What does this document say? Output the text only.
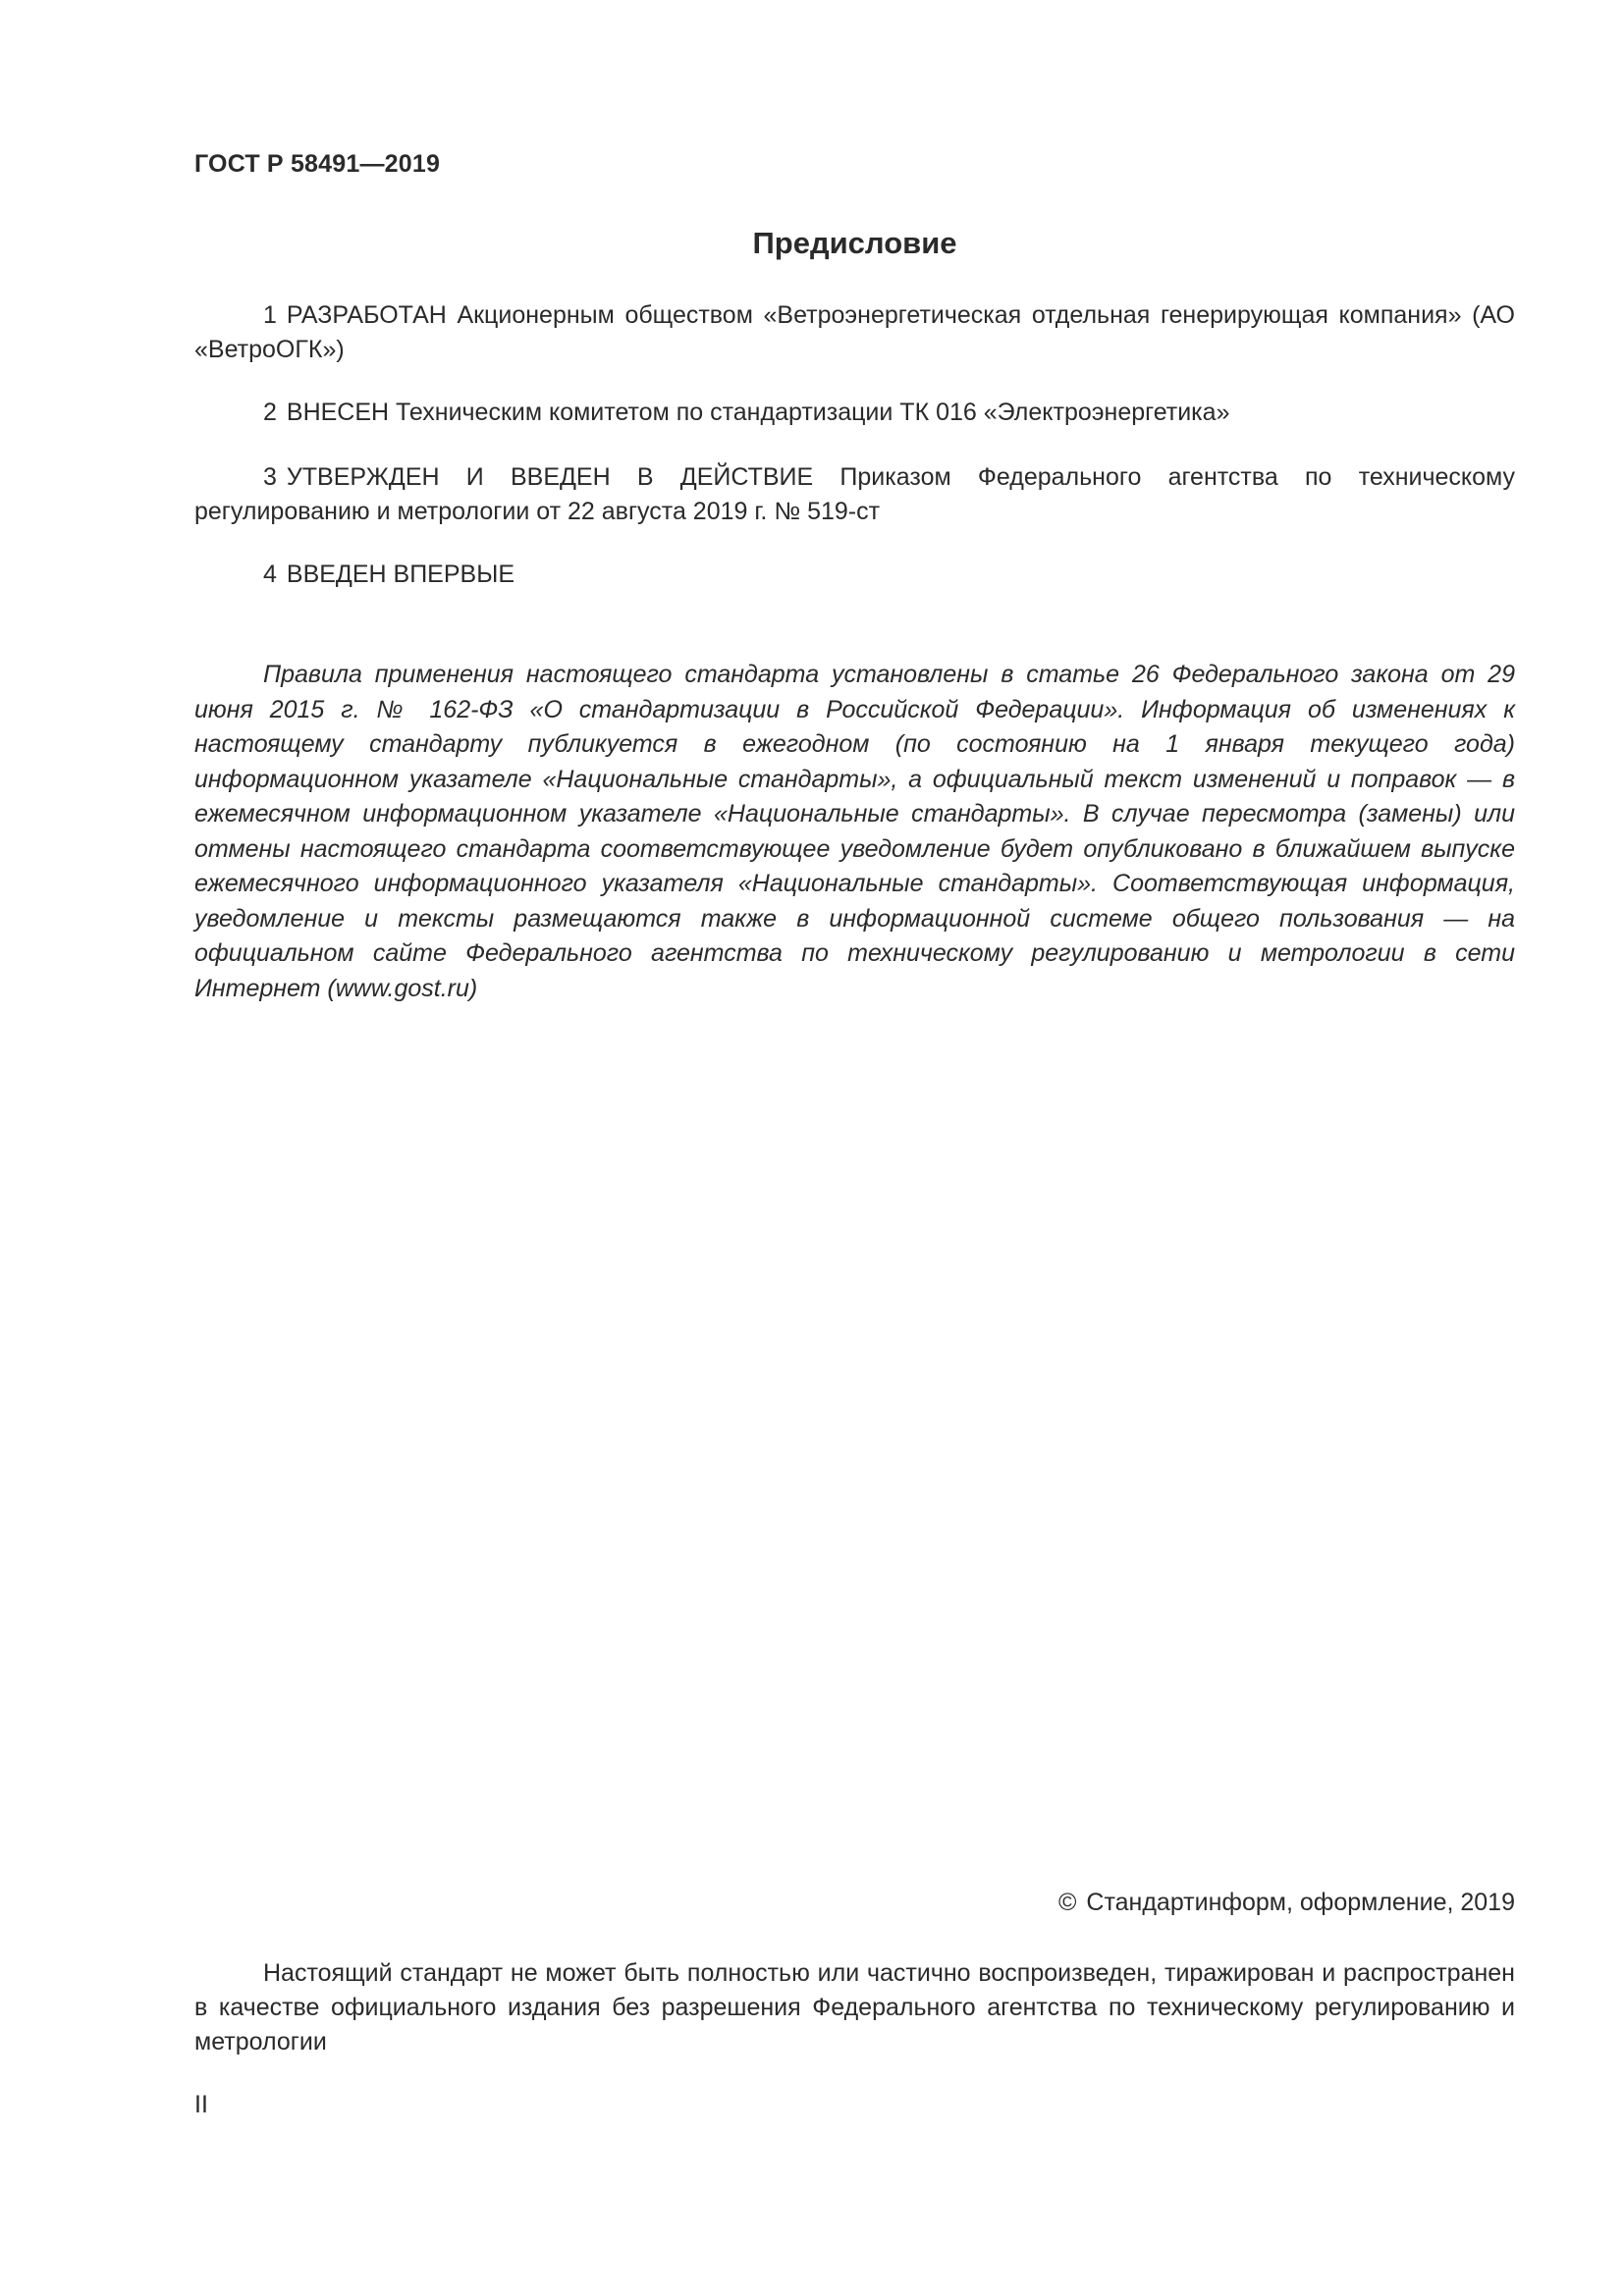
ГОСТ Р 58491—2019

Предисловие

1 РАЗРАБОТАН Акционерным обществом «Ветроэнергетическая отдельная генерирующая компания» (АО «ВетроОГК»)

2 ВНЕСЕН Техническим комитетом по стандартизации ТК 016 «Электроэнергетика»

3 УТВЕРЖДЕН И ВВЕДЕН В ДЕЙСТВИЕ Приказом Федерального агентства по техническому регулированию и метрологии от 22 августа 2019 г. № 519-ст

4 ВВЕДЕН ВПЕРВЫЕ

Правила применения настоящего стандарта установлены в статье 26 Федерального закона от 29 июня 2015 г. № 162-ФЗ «О стандартизации в Российской Федерации». Информация об изменениях к настоящему стандарту публикуется в ежегодном (по состоянию на 1 января текущего года) информационном указателе «Национальные стандарты», а официальный текст изменений и поправок — в ежемесячном информационном указателе «Национальные стандарты». В случае пересмотра (замены) или отмены настоящего стандарта соответствующее уведомление будет опубликовано в ближайшем выпуске ежемесячного информационного указателя «Национальные стандарты». Соответствующая информация, уведомление и тексты размещаются также в информационной системе общего пользования — на официальном сайте Федерального агентства по техническому регулированию и метрологии в сети Интернет (www.gost.ru)

© Стандартинформ, оформление, 2019

Настоящий стандарт не может быть полностью или частично воспроизведен, тиражирован и распространен в качестве официального издания без разрешения Федерального агентства по техническому регулированию и метрологии

II
